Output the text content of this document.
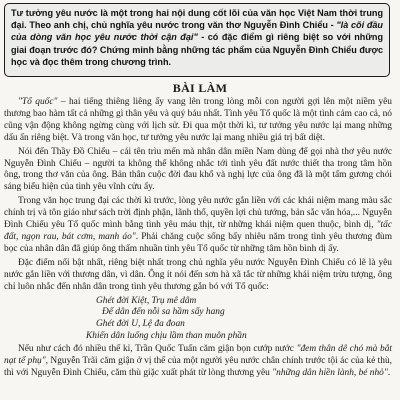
Tư tưởng yêu nước là một trong hai nội dung cốt lõi của văn học Việt Nam thời trung đại. Theo anh chị, chủ nghĩa yêu nước trong văn thơ Nguyễn Đình Chiểu - "là cõi đầu của dòng văn học yêu nước thời cận đại" - có đặc điểm gì riêng biệt so với những giai đoạn trước đó? Chứng minh bằng những tác phẩm của Nguyễn Đình Chiểu được học và đọc thêm trong chương trình.
BÀI LÀM

"Tổ quốc" – hai tiếng thiêng liêng ấy vang lên trong lòng mỗi con người gợi lên một niềm yêu thương bao hàm tất cả những gì thân yêu và quý báu nhất. Tình yêu Tổ quốc là một tình cảm cao cả, nó cũng vận động không ngừng cùng với lịch sử. Đi qua một thời kì, tư tưởng yêu nước lại mang những dấu ấn riêng biệt. Và trong văn học, tư tưởng yêu nước lại mang nhiều giá trị bất diệt.

Nói đến Thầy Đồ Chiểu – cái tên trìu mến mà nhân dân miền Nam dùng để gọi nhà thơ yêu nước Nguyễn Đình Chiểu – người ta không thể không nhắc tới tình yêu đất nước thiết tha trong tâm hồn ông, trong thơ văn của ông. Bản thân cuộc đời đau khổ và nghị lực của ông đã là một tấm gương chói sáng biểu hiện của tình yêu vĩnh cửu ấy.

Trong văn học trung đại các thời kì trước, lòng yêu nước gắn liền với các khái niệm mang màu sắc chính trị và tôn giáo như sách trời định phận, lãnh thổ, quyền lợi chủ tướng, bản sắc văn hóa,... Nguyễn Đình Chiểu yêu Tổ quốc mình bằng tình yêu máu thịt, từ những khái niệm quen thuộc, bình dị, "tấc đất, ngọn rau, bát cơm, manh áo". Phải chăng cuộc sống bấy nhiêu năm trong tình yêu thương đùm bọc của nhân dân đã giúp ông thấm nhuần tình yêu Tổ quốc từ những tâm hồn bình dị ấy.

Đặc điểm nổi bật nhất, riêng biệt nhất trong chủ nghĩa yêu nước Nguyễn Đình Chiểu có lẽ là yêu nước gắn liền với thương dân, vì dân. Ông ít nói đến sơn hà xã tắc từ những khái niệm trừu tượng, ông chỉ luôn nhắc đến nhân dân trong tình yêu thương gắn bó với Tổ quốc:

Ghét đời Kiệt, Trụ mê dâm
Để dân đến nỗi sa hầm sẩy hang
Ghét đời U, Lệ đa đoan
Khiến dân luống chịu lầm than muôn phần

Nếu như cách đó nhiều thế kỉ, Trần Quốc Tuấn căm giận bọn cướp nước "đem thân dê chó mà bắt nạt tể phụ", Nguyễn Trãi căm giận ở vị thế của một người yêu nước chân chính trước tội ác của kẻ thù, thì với Nguyễn Đình Chiểu, căm thù giặc xuất phát từ lòng thương yêu "những dân hiền lành, bé nhỏ".
